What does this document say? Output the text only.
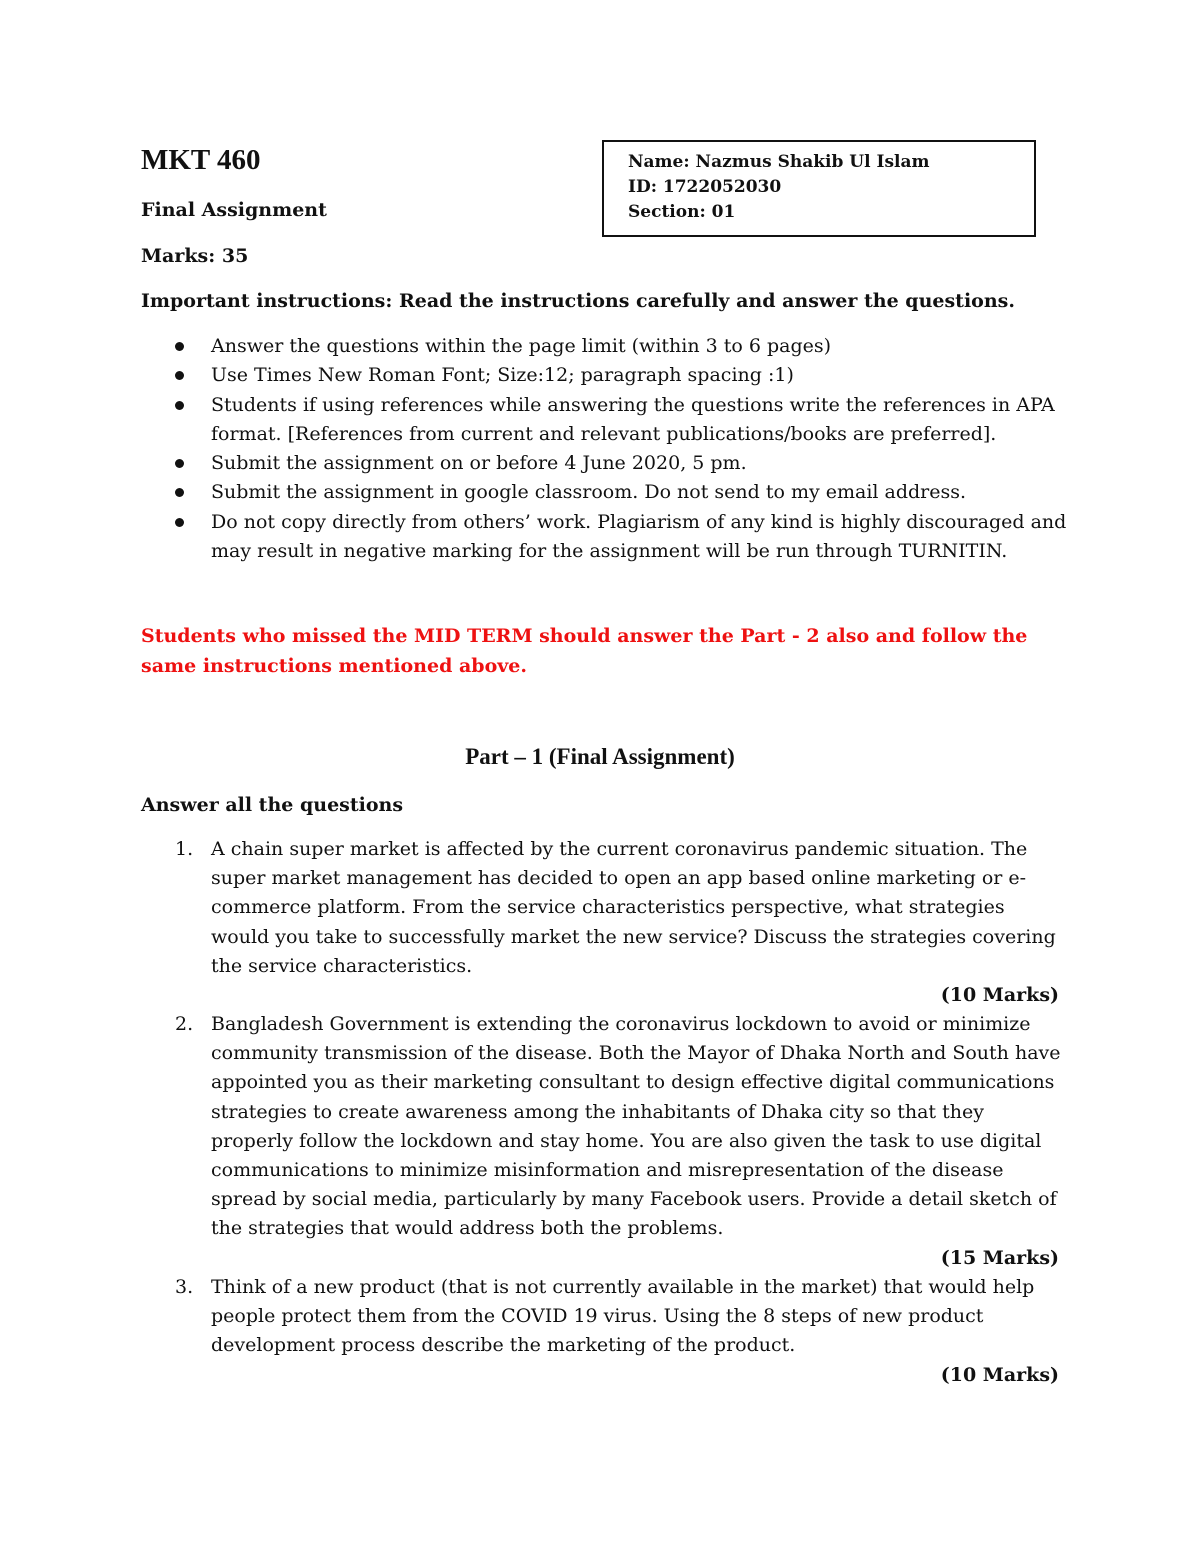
MKT 460
Final Assignment
Marks: 35
Name: Nazmus Shakib Ul Islam
ID: 1722052030
Section: 01
Important instructions: Read the instructions carefully and answer the questions.
Answer the questions within the page limit (within 3 to 6 pages)
Use Times New Roman Font; Size:12; paragraph spacing :1)
Students if using references while answering the questions write the references in APA format. [References from current and relevant publications/books are preferred].
Submit the assignment on or before 4 June 2020, 5 pm.
Submit the assignment in google classroom. Do not send to my email address.
Do not copy directly from others’ work. Plagiarism of any kind is highly discouraged and may result in negative marking for the assignment will be run through TURNITIN.
Students who missed the MID TERM should answer the Part - 2 also and follow the same instructions mentioned above.
Part – 1 (Final Assignment)
Answer all the questions
1. A chain super market is affected by the current coronavirus pandemic situation. The super market management has decided to open an app based online marketing or e-commerce platform. From the service characteristics perspective, what strategies would you take to successfully market the new service? Discuss the strategies covering the service characteristics.
(10 Marks)
2. Bangladesh Government is extending the coronavirus lockdown to avoid or minimize community transmission of the disease. Both the Mayor of Dhaka North and South have appointed you as their marketing consultant to design effective digital communications strategies to create awareness among the inhabitants of Dhaka city so that they properly follow the lockdown and stay home. You are also given the task to use digital communications to minimize misinformation and misrepresentation of the disease spread by social media, particularly by many Facebook users. Provide a detail sketch of the strategies that would address both the problems.
(15 Marks)
3. Think of a new product (that is not currently available in the market) that would help people protect them from the COVID 19 virus. Using the 8 steps of new product development process describe the marketing of the product.
(10 Marks)
